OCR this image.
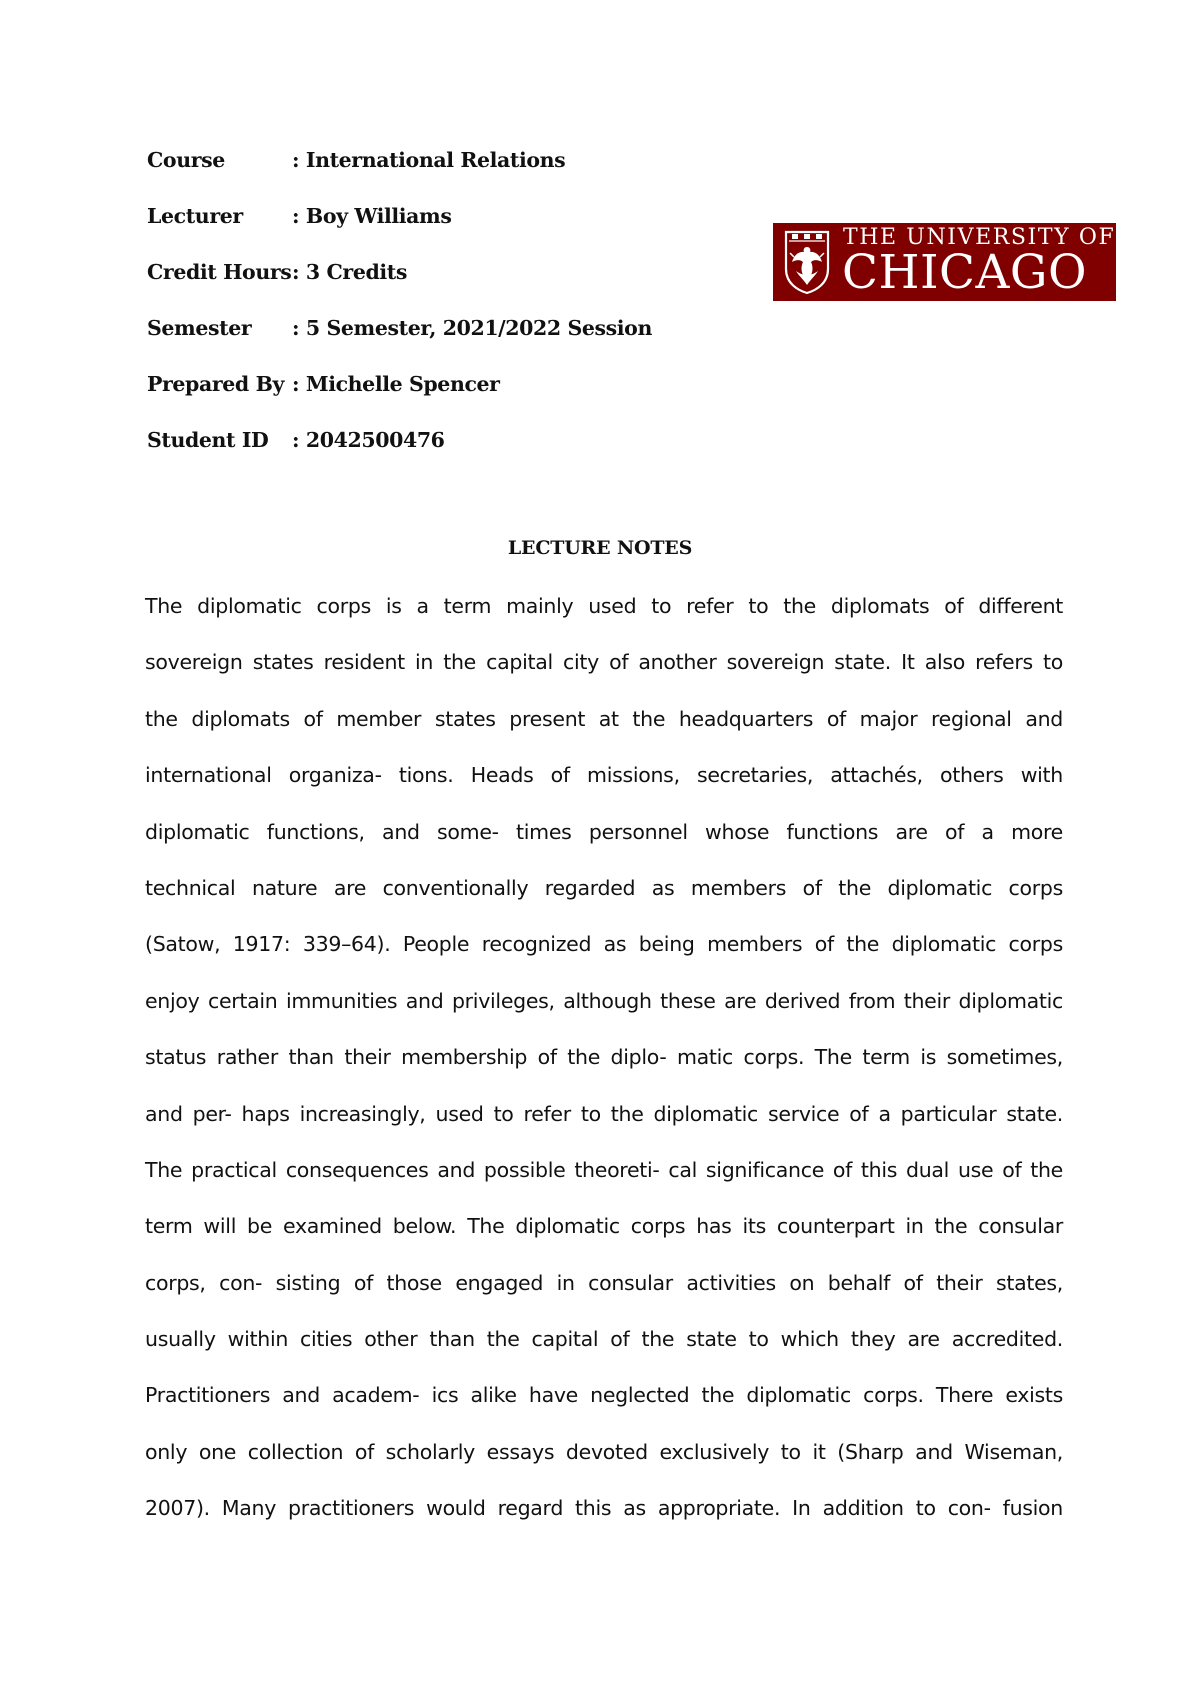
Course	: International Relations
Lecturer : Boy Williams
Credit Hours: 3 Credits
Semester : 5 Semester, 2021/2022 Session
Prepared By : Michelle Spencer
Student ID : 2042500476
THE UNIVERSITY OF
CHICAGO
LECTURE NOTES
The diplomatic corps is a term mainly used to refer to the diplomats of different
sovereign states resident in the capital city of another sovereign state. It also refers to
the diplomats of member states present at the headquarters of major regional and
international organiza- tions. Heads of missions, secretaries, attachés, others with
diplomatic functions, and some- times personnel whose functions are of a more
technical nature are conventionally regarded as members of the diplomatic corps
(Satow, 1917: 339–64). People recognized as being members of the diplomatic corps
enjoy certain immunities and privileges, although these are derived from their diplomatic
status rather than their membership of the diplo- matic corps. The term is sometimes,
and per- haps increasingly, used to refer to the diplomatic service of a particular state.
The practical consequences and possible theoreti- cal significance of this dual use of the
term will be examined below. The diplomatic corps has its counterpart in the consular
corps, con- sisting of those engaged in consular activities on behalf of their states,
usually within cities other than the capital of the state to which they are accredited.
Practitioners and academ- ics alike have neglected the diplomatic corps. There exists
only one collection of scholarly essays devoted exclusively to it (Sharp and Wiseman,
2007). Many practitioners would regard this as appropriate. In addition to con- fusion
